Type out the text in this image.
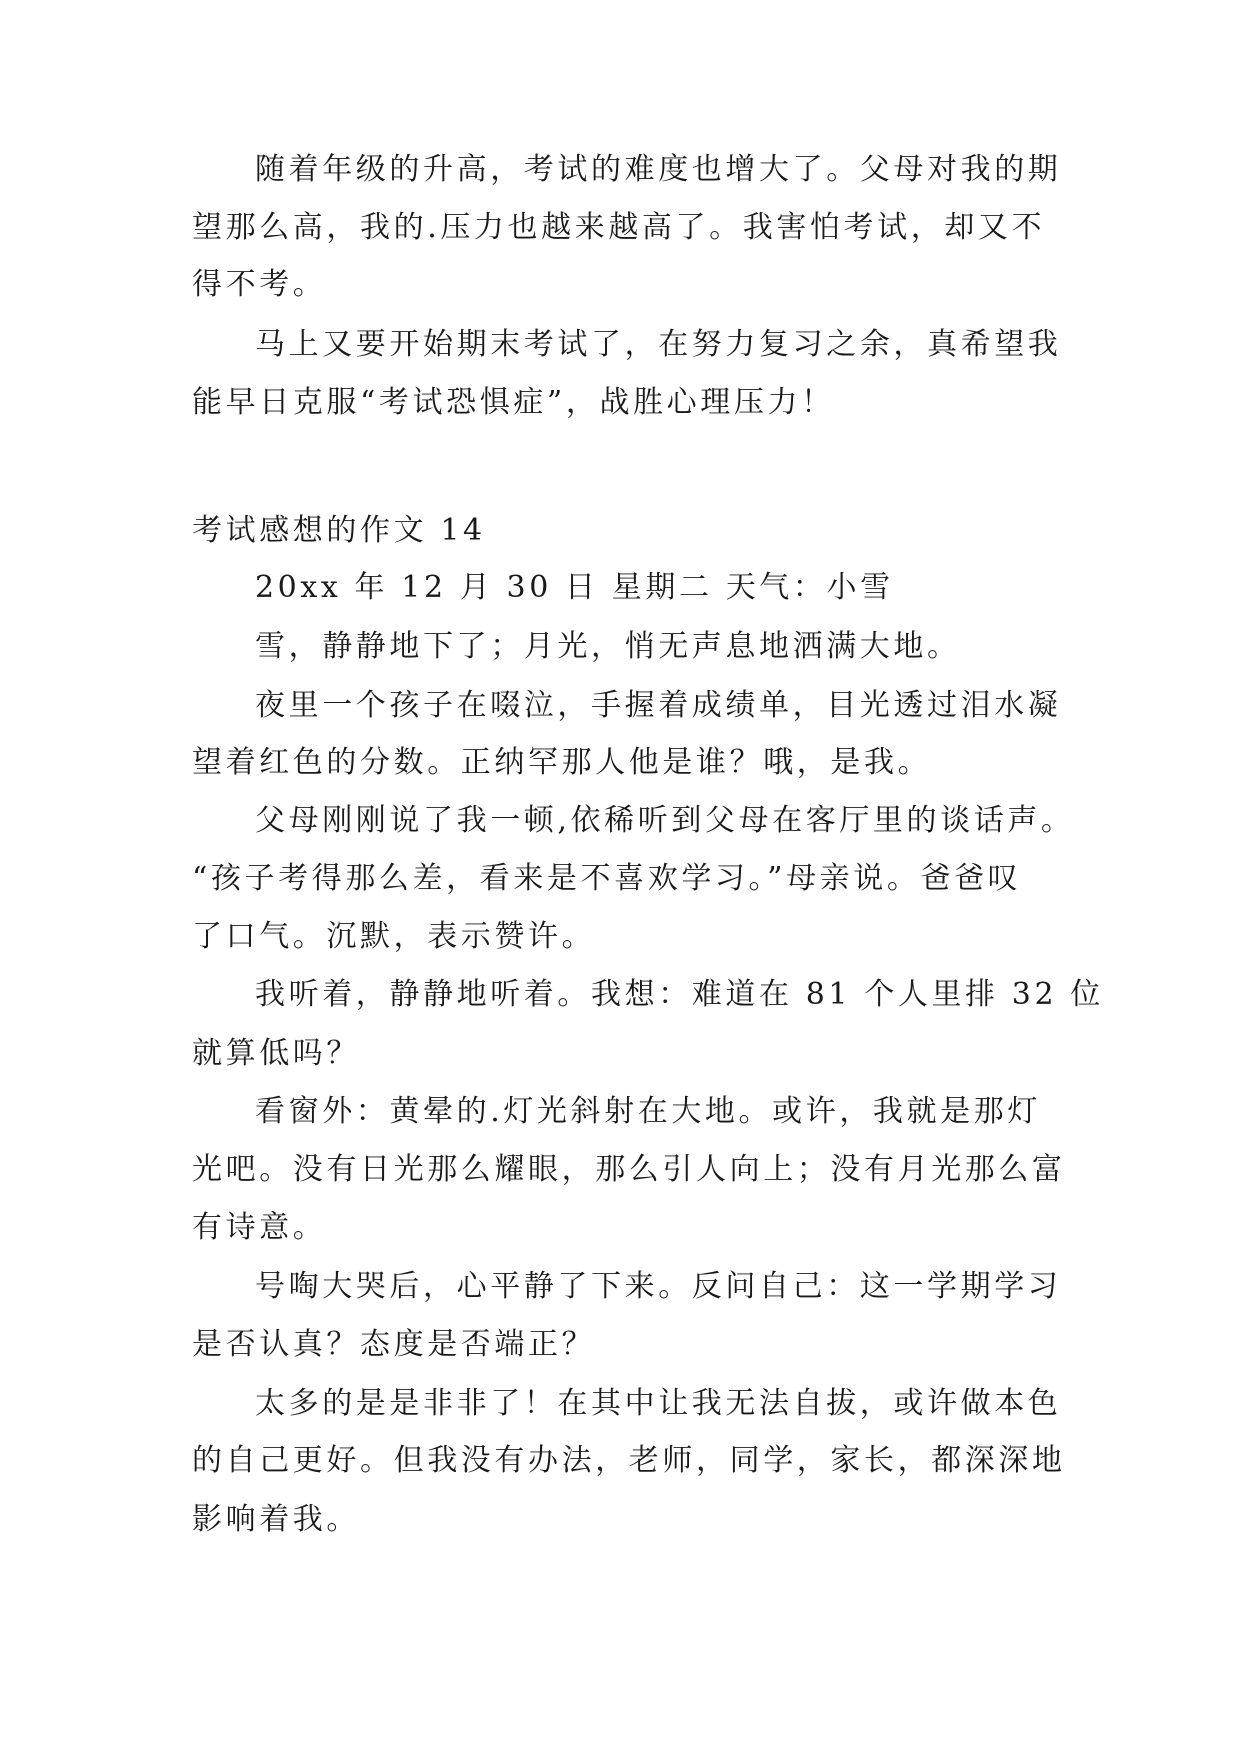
随着年级的升高，考试的难度也增大了。父母对我的期
望那么高，我的.压力也越来越高了。我害怕考试，却又不
得不考。
马上又要开始期末考试了，在努力复习之余，真希望我
能早日克服“考试恐惧症”，战胜心理压力！
考试感想的作文 14
20xx 年 12 月 30 日 星期二 天气：小雪
雪，静静地下了；月光，悄无声息地洒满大地。
夜里一个孩子在啜泣，手握着成绩单，目光透过泪水凝
望着红色的分数。正纳罕那人他是谁？哦，是我。
父母刚刚说了我一顿,依稀听到父母在客厅里的谈话声。
“孩子考得那么差，看来是不喜欢学习。”母亲说。爸爸叹
了口气。沉默，表示赞许。
我听着，静静地听着。我想：难道在 81 个人里排 32 位
就算低吗？
看窗外：黄晕的.灯光斜射在大地。或许，我就是那灯
光吧。没有日光那么耀眼，那么引人向上；没有月光那么富
有诗意。
号啕大哭后，心平静了下来。反问自己：这一学期学习
是否认真？态度是否端正？
太多的是是非非了！在其中让我无法自拔，或许做本色
的自己更好。但我没有办法，老师，同学，家长，都深深地
影响着我。
